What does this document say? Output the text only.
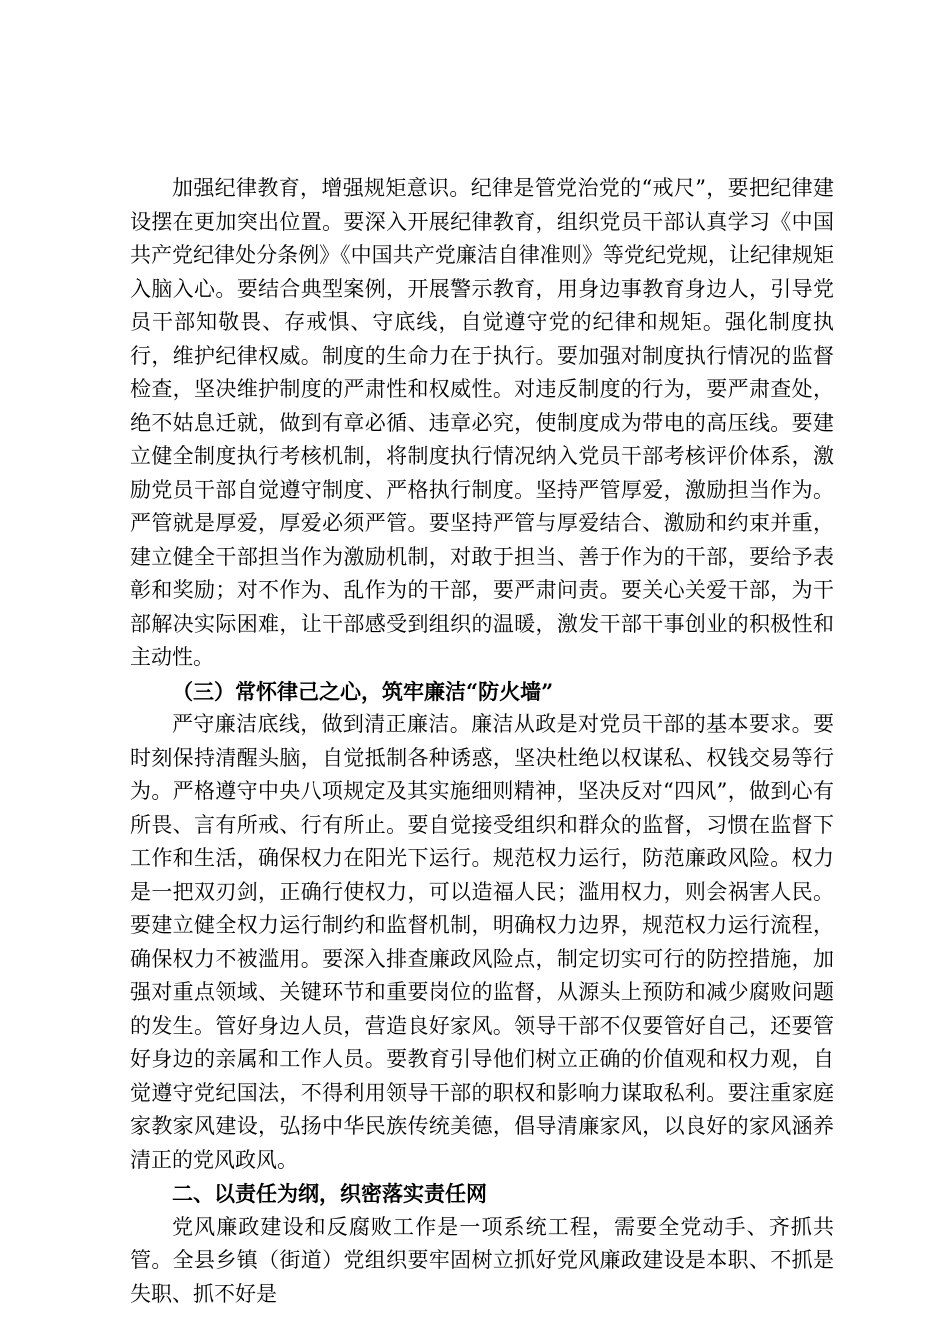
加强纪律教育，增强规矩意识。纪律是管党治党的“戒尺”，要把纪律建设摆在更加突出位置。要深入开展纪律教育，组织党员干部认真学习《中国共产党纪律处分条例》《中国共产党廉洁自律准则》等党纪党规，让纪律规矩入脑入心。要结合典型案例，开展警示教育，用身边事教育身边人，引导党员干部知敬畏、存戒惧、守底线，自觉遵守党的纪律和规矩。强化制度执行，维护纪律权威。制度的生命力在于执行。要加强对制度执行情况的监督检查，坚决维护制度的严肃性和权威性。对违反制度的行为，要严肃查处，绝不姑息迁就，做到有章必循、违章必究，使制度成为带电的高压线。要建立健全制度执行考核机制，将制度执行情况纳入党员干部考核评价体系，激励党员干部自觉遵守制度、严格执行制度。坚持严管厚爱，激励担当作为。严管就是厚爱，厚爱必须严管。要坚持严管与厚爱结合、激励和约束并重，建立健全干部担当作为激励机制，对敢于担当、善于作为的干部，要给予表彰和奖励；对不作为、乱作为的干部，要严肃问责。要关心关爱干部，为干部解决实际困难，让干部感受到组织的温暖，激发干部干事创业的积极性和主动性。

（三）常怀律己之心，筑牢廉洁“防火墙”

严守廉洁底线，做到清正廉洁。廉洁从政是对党员干部的基本要求。要时刻保持清醒头脑，自觉抵制各种诱惑，坚决杜绝以权谋私、权钱交易等行为。严格遵守中央八项规定及其实施细则精神，坚决反对“四风”，做到心有所畏、言有所戒、行有所止。要自觉接受组织和群众的监督，习惯在监督下工作和生活，确保权力在阳光下运行。规范权力运行，防范廉政风险。权力是一把双刃剑，正确行使权力，可以造福人民；滥用权力，则会祸害人民。要建立健全权力运行制约和监督机制，明确权力边界，规范权力运行流程，确保权力不被滥用。要深入排查廉政风险点，制定切实可行的防控措施，加强对重点领域、关键环节和重要岗位的监督，从源头上预防和减少腐败问题的发生。管好身边人员，营造良好家风。领导干部不仅要管好自己，还要管好身边的亲属和工作人员。要教育引导他们树立正确的价值观和权力观，自觉遵守党纪国法，不得利用领导干部的职权和影响力谋取私利。要注重家庭家教家风建设，弘扬中华民族传统美德，倡导清廉家风，以良好的家风涵养清正的党风政风。

二、以责任为纲，织密落实责任网

党风廉政建设和反腐败工作是一项系统工程，需要全党动手、齐抓共管。全县乡镇（街道）党组织要牢固树立抓好党风廉政建设是本职、不抓是失职、抓不好是
